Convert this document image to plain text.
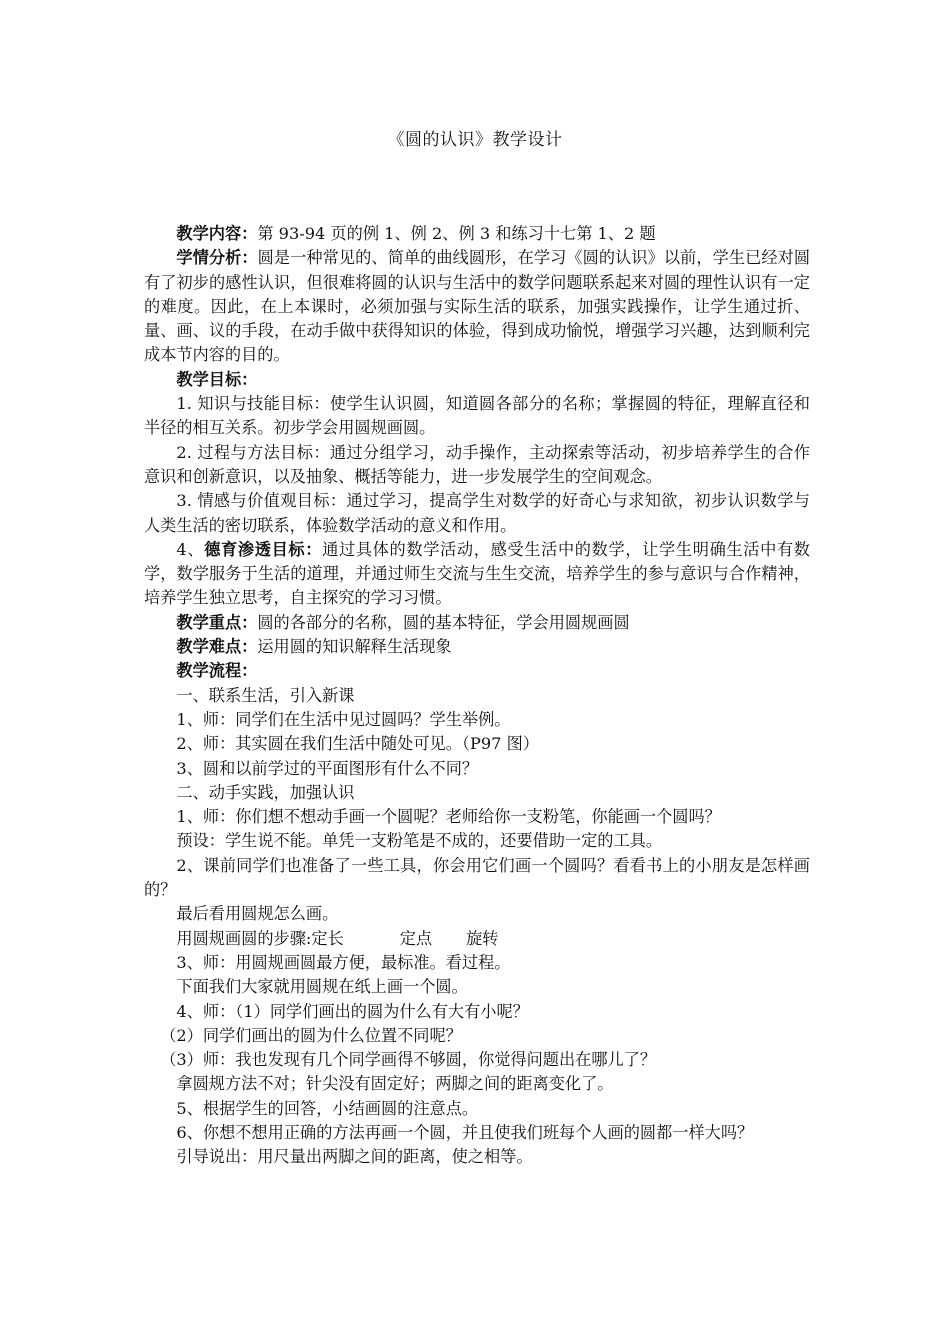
《圆的认识》教学设计

教学内容：第 93-94 页的例 1、例 2、例 3 和练习十七第 1、2 题

学情分析：圆是一种常见的、简单的曲线圆形，在学习《圆的认识》以前，学生已经对圆有了初步的感性认识，但很难将圆的认识与生活中的数学问题联系起来对圆的理性认识有一定的难度。因此，在上本课时，必须加强与实际生活的联系，加强实践操作，让学生通过折、量、画、议的手段，在动手做中获得知识的体验，得到成功愉悦，增强学习兴趣，达到顺利完成本节内容的目的。

教学目标：

1. 知识与技能目标：使学生认识圆，知道圆各部分的名称；掌握圆的特征，理解直径和半径的相互关系。初步学会用圆规画圆。

2. 过程与方法目标：通过分组学习，动手操作，主动探索等活动，初步培养学生的合作意识和创新意识，以及抽象、概括等能力，进一步发展学生的空间观念。

3. 情感与价值观目标：通过学习，提高学生对数学的好奇心与求知欲，初步认识数学与人类生活的密切联系，体验数学活动的意义和作用。

4、德育渗透目标：通过具体的数学活动，感受生活中的数学，让学生明确生活中有数学，数学服务于生活的道理，并通过师生交流与生生交流，培养学生的参与意识与合作精神，培养学生独立思考，自主探究的学习习惯。

教学重点：圆的各部分的名称，圆的基本特征，学会用圆规画圆

教学难点：运用圆的知识解释生活现象

教学流程：

一、联系生活，引入新课

1、师：同学们在生活中见过圆吗？学生举例。

2、师：其实圆在我们生活中随处可见。（P97 图）

3、圆和以前学过的平面图形有什么不同？

二、动手实践，加强认识

1、师：你们想不想动手画一个圆呢？老师给你一支粉笔，你能画一个圆吗？

预设：学生说不能。单凭一支粉笔是不成的，还要借助一定的工具。

2、课前同学们也准备了一些工具，你会用它们画一个圆吗？看看书上的小朋友是怎样画的？

最后看用圆规怎么画。

用圆规画圆的步骤:定长	定点 旋转

3、师：用圆规画圆最方便，最标准。看过程。

下面我们大家就用圆规在纸上画一个圆。

4、师：（1）同学们画出的圆为什么有大有小呢？

（2）同学们画出的圆为什么位置不同呢？

（3）师：我也发现有几个同学画得不够圆，你觉得问题出在哪儿了？

拿圆规方法不对；针尖没有固定好；两脚之间的距离变化了。

5、根据学生的回答，小结画圆的注意点。

6、你想不想用正确的方法再画一个圆，并且使我们班每个人画的圆都一样大吗？

引导说出：用尺量出两脚之间的距离，使之相等。
